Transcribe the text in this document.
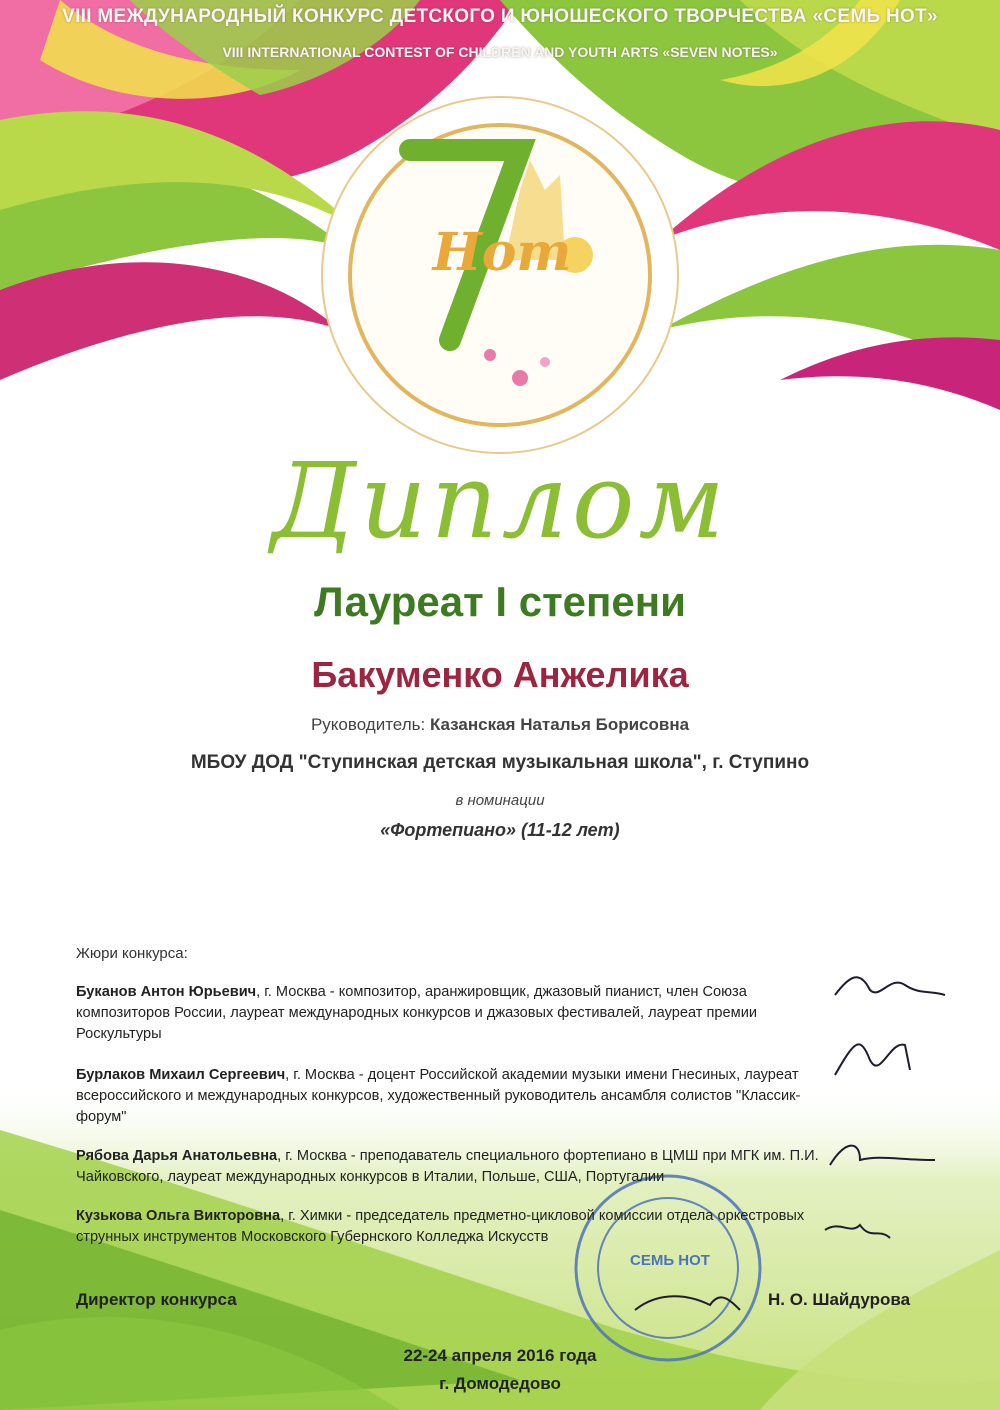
VIII МЕЖДУНАРОДНЫЙ КОНКУРС ДЕТСКОГО И ЮНОШЕСКОГО ТВОРЧЕСТВА «СЕМЬ НОТ»
VIII INTERNATIONAL CONTEST OF CHILDREN AND YOUTH ARTS «SEVEN NOTES»
Нот
Диплом
Лауреат I степени
Бакуменко Анжелика
Руководитель: Казанская Наталья Борисовна
МБОУ ДОД "Ступинская детская музыкальная школа", г. Ступино
в номинации
«Фортепиано» (11-12 лет)
Жюри конкурса:
Буканов Антон Юрьевич, г. Москва - композитор, аранжировщик, джазовый пианист, член Союза композиторов России, лауреат международных конкурсов и джазовых фестивалей, лауреат премии Роскультуры
Бурлаков Михаил Сергеевич, г. Москва - доцент Российской академии музыки имени Гнесиных, лауреат всероссийского и международных конкурсов, художественный руководитель ансамбля солистов "Классик-форум"
Рябова Дарья Анатольевна, г. Москва - преподаватель специального фортепиано в ЦМШ при МГК им. П.И. Чайковского, лауреат международных конкурсов в Италии, Польше, США, Португалии
Кузькова Ольга Викторовна, г. Химки - председатель предметно-цикловой комиссии отдела оркестровых струнных инструментов Московского Губернского Колледжа Искусств
СЕМЬ НОТ
Директор конкурса	Н. О. Шайдурова
22-24 апреля 2016 года
г. Домодедово
